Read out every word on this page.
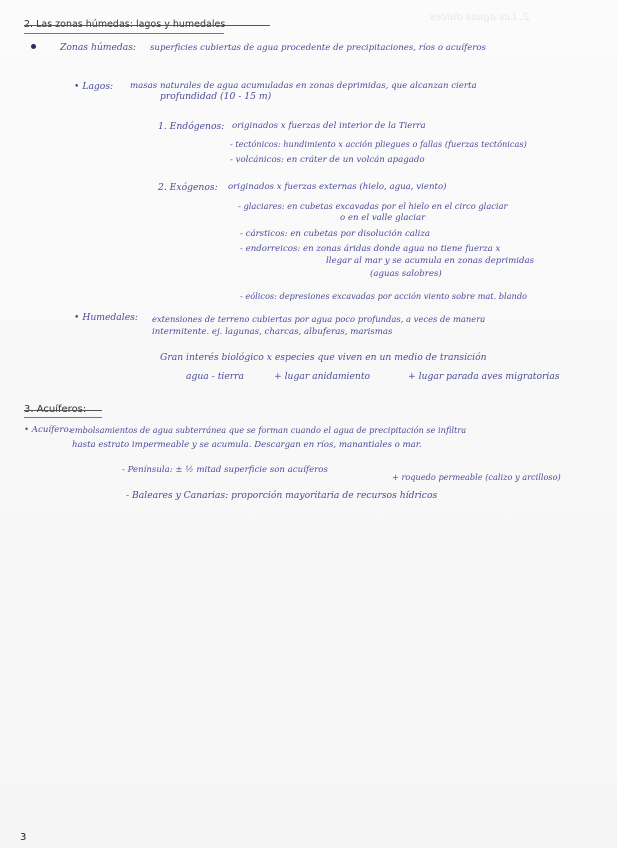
2. Las aguas dulces
Zonas húmedas: superficies cubiertas de agua procedente de precipitaciones, ríos o acuíferos
• Lagos: masas naturales de agua acumuladas en zonas deprimidas, que alcanzan cierta
profundidad (10 - 15 m)
1. Endógenos: originados x fuerzas del interior de la Tierra
- tectónicos: hundimiento x acción pliegues o fallas (fuerzas tectónicas)
- volcánicos: en cráter de un volcán apagado
2. Exógenos: originados x fuerzas externas (hielo, agua, viento)
- glaciares: en cubetas excavadas por el hielo en el circo glaciar
o en el valle glaciar
- cársticos: en cubetas por disolución caliza
- endorreicos: en zonas áridas donde agua no tiene fuerza x
llegar al mar y se acumula en zonas deprimidas
(aguas salobres)
- eólicos: depresiones excavadas por acción viento sobre mat. blando
• Humedales: extensiones de terreno cubiertas por agua poco profundas, a veces de manera
intermitente. ej. lagunas, charcas, albuferas, marismas
Gran interés biológico x especies que viven en un medio de transición
agua - tierra	+ lugar anidamiento	+ lugar parada aves migratorias
• Acuífero:
embolsamientos de agua subterránea que se forman cuando el agua de precipitación se infiltra
hasta estrato impermeable y se acumula. Descargan en ríos, manantiales o mar.
- Península: ± ½ mitad superficie son acuíferos
+ roquedo permeable (calizo y arcilloso)
- Baleares y Canarias: proporción mayoritaria de recursos hídricos
3
